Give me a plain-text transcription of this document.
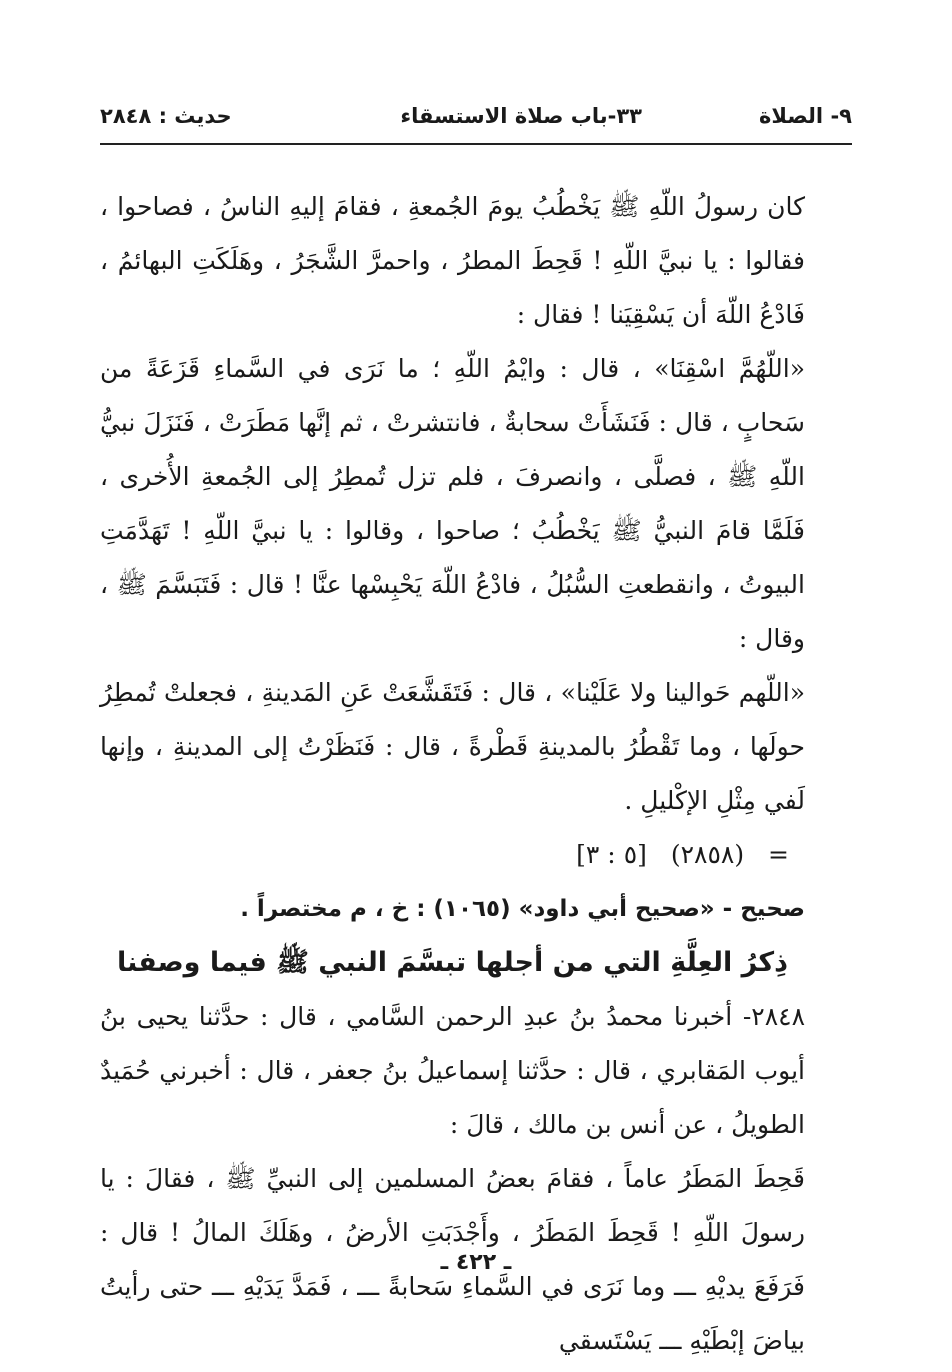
٩- الصلاة
٣٣-باب صلاة الاستسقاء
حديث : ٢٨٤٨

كان رسولُ اللّهِ ﷺ يَخْطُبُ يومَ الجُمعةِ ، فقامَ إليهِ الناسُ ، فصاحوا ، فقالوا : يا نبيَّ اللّهِ ! قَحِطَ المطرُ ، واحمرَّ الشَّجَرُ ، وهَلَكَتِ البهائمُ ، فَادْعُ اللّهَ أن يَسْقِيَنا ! فقال :

«اللّهُمَّ اسْقِنَا» ، قال : وايْمُ اللّهِ ؛ ما نَرَى في السَّماءِ قَزَعَةً من سَحابٍ ، قال : فَنَشَأَتْ سحابةٌ ، فانتشرتْ ، ثم إنَّها مَطَرَتْ ، فَنَزَلَ نبيُّ اللّهِ ﷺ ، فصلَّى ، وانصرفَ ، فلم تزل تُمطِرُ إلى الجُمعةِ الأُخرى ، فَلَمَّا قامَ النبيُّ ﷺ يَخْطُبُ ؛ صاحوا ، وقالوا : يا نبيَّ اللّهِ ! تَهَدَّمَتِ البيوتُ ، وانقطعتِ السُّبُلُ ، فادْعُ اللّهَ يَحْبِسْها عنَّا ! قال : فَتَبَسَّمَ ﷺ ، وقال :

«اللّهم حَوالينا ولا عَلَيْنا» ، قال : فَتَقَشَّعَتْ عَنِ المَدينةِ ، فجعلتْ تُمطِرُ حولَها ، وما تَقْطُرُ بالمدينةِ قَطْرةً ، قال : فَنَظَرْتُ إلى المدينةِ ، وإنها لَفي مِثْلِ الإكْليلِ .

= (٢٨٥٨) [٥ : ٣]

صحيح - «صحيح أبي داود» (١٠٦٥) : خ ، م مختصراً .

ذِكرُ العِلَّةِ التي من أجلها تبسَّمَ النبي ﷺ فيما وصفنا

٢٨٤٨- أخبرنا محمدُ بنُ عبدِ الرحمن السَّامي ، قال : حدَّثنا يحيى بنُ أيوب المَقابري ، قال : حدَّثنا إسماعيلُ بنُ جعفر ، قال : أخبرني حُمَيدٌ الطويلُ ، عن أنس بن مالك ، قالَ :

قَحِطَ المَطَرُ عاماً ، فقامَ بعضُ المسلمين إلى النبيِّ ﷺ ، فقالَ : يا رسولَ اللّهِ ! قَحِطَ المَطَرُ ، وأَجْدَبَتِ الأرضُ ، وهَلَكَ المالُ ! قال : فَرَفَعَ يديْهِ ـــ وما نَرَى في السَّماءِ سَحابةً ـــ ، فَمَدَّ يَدَيْهِ ـــ حتى رأيتُ بياضَ إبْطَيْهِ ـــ يَسْتَسقي

ـ ٤٢٢ ـ
